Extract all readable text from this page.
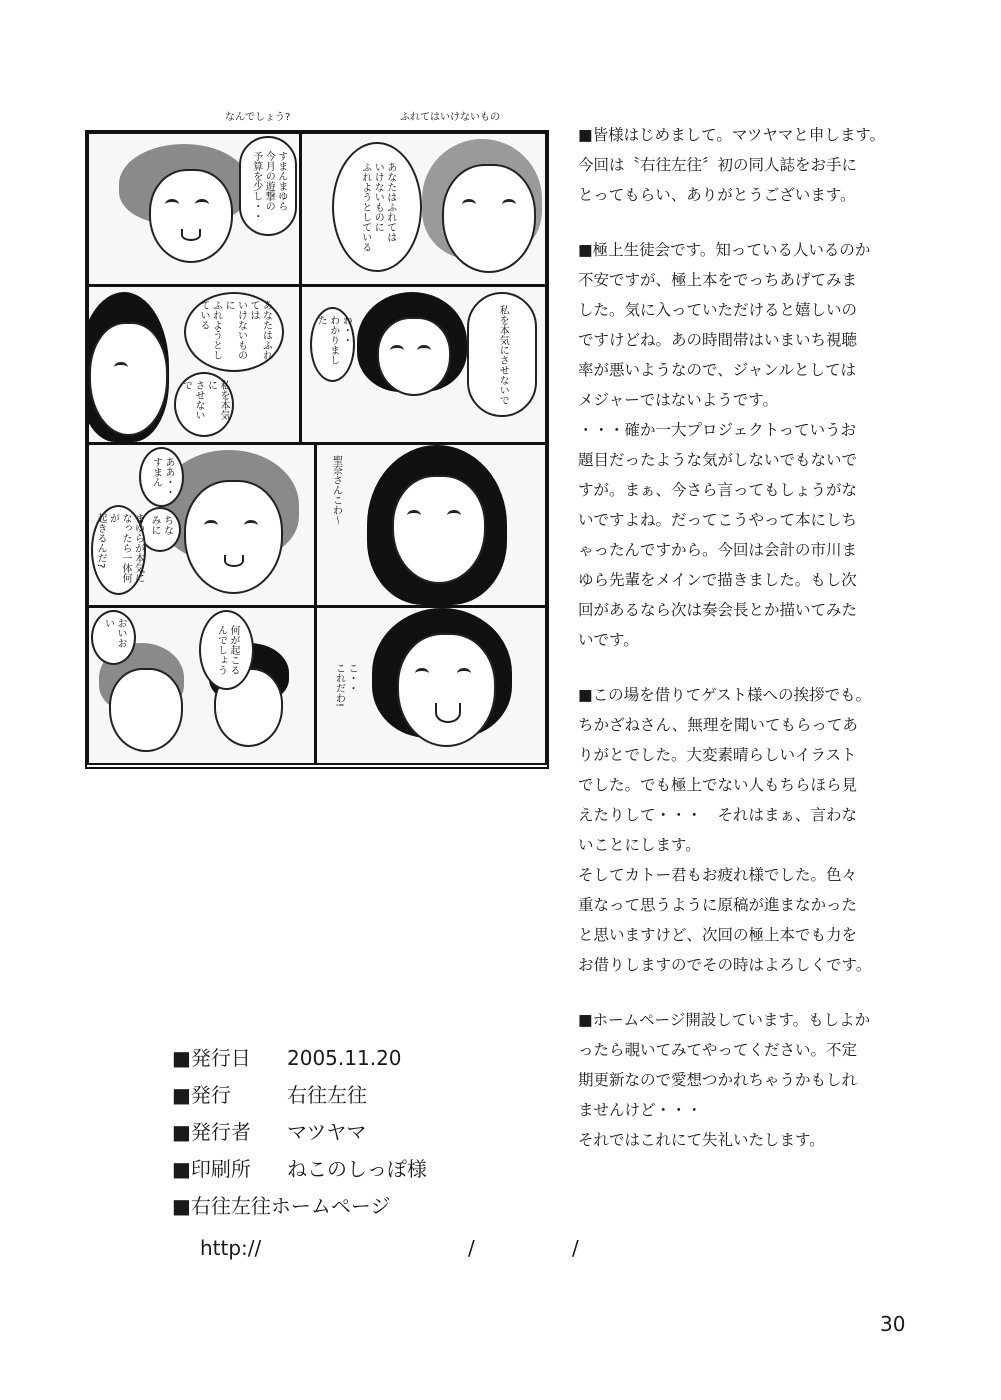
なんでしょう?	ふれてはいけないもの
すまんまゆら
今月の遊撃の
予算を少し・・	あなたはふれては
いけないものに
ふれようとしている
あなたはふれては
いけないものに
ふれようとしている
私を本気に
させないで
わ・・
わかりました	私を本気にさせないで
ああ・・
すまん
ちなみに
まゆらが本気に
なったら一体何が
起きるんだ?
聖奈さんこわ〜
何が起こる
んでしょう
おいおい
こ・・
これだわ!

■皆様はじめまして。マツヤマと申します。
今回は〝右往左往〞初の同人誌をお手に
とってもらい、ありがとうございます。

■極上生徒会です。知っている人いるのか
不安ですが、極上本をでっちあげてみま
した。気に入っていただけると嬉しいの
ですけどね。あの時間帯はいまいち視聴
率が悪いようなので、ジャンルとしては
メジャーではないようです。
・・・確か一大プロジェクトっていうお
題目だったような気がしないでもないで
すが。まぁ、今さら言ってもしょうがな
いですよね。だってこうやって本にしち
ゃったんですから。今回は会計の市川ま
ゆら先輩をメインで描きました。もし次
回があるなら次は奏会長とか描いてみた
いです。

■この場を借りてゲスト様への挨拶でも。
ちかざねさん、無理を聞いてもらってあ
りがとでした。大変素晴らしいイラスト
でした。でも極上でない人もちらほら見
えたりして・・・　それはまぁ、言わな
いことにします。
そしてカトー君もお疲れ様でした。色々
重なって思うように原稿が進まなかった
と思いますけど、次回の極上本でも力を
お借りしますのでその時はよろしくです。

■ホームページ開設しています。もしよか
ったら覗いてみてやってください。不定
期更新なので愛想つかれちゃうかもしれ
ませんけど・・・
それではこれにて失礼いたします。

■発行日	2005.11.20
■発行	右往左往
■発行者	マツヤマ
■印刷所	ねこのしっぽ様
■右往左往ホームページ
http://	/	/
30
